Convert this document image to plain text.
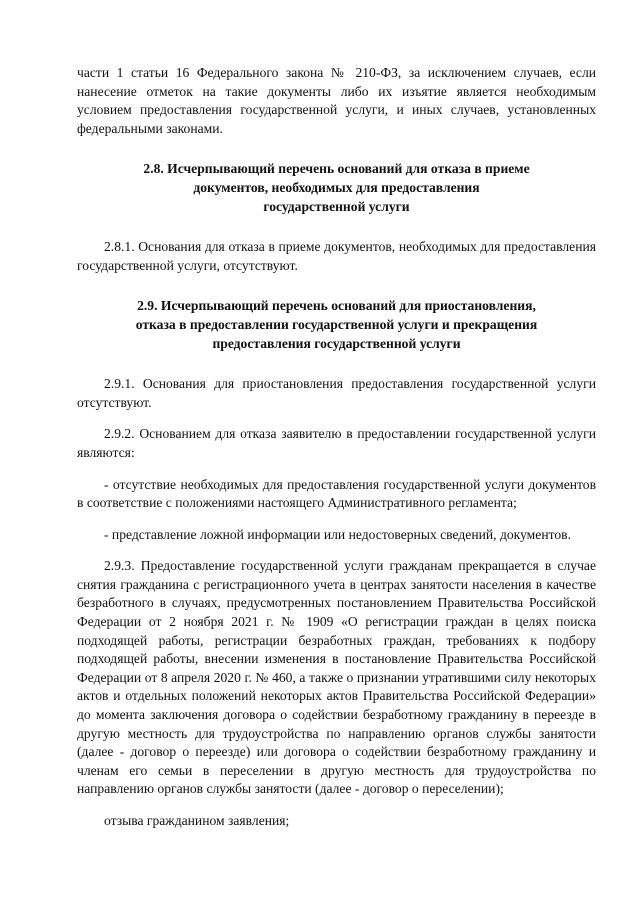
части 1 статьи 16 Федерального закона № 210-ФЗ, за исключением случаев, если нанесение отметок на такие документы либо их изъятие является необходимым условием предоставления государственной услуги, и иных случаев, установленных федеральными законами.

2.8. Исчерпывающий перечень оснований для отказа в приеме
документов, необходимых для предоставления
государственной услуги

2.8.1. Основания для отказа в приеме документов, необходимых для предоставления государственной услуги, отсутствуют.

2.9. Исчерпывающий перечень оснований для приостановления,
отказа в предоставлении государственной услуги и прекращения
предоставления государственной услуги

2.9.1. Основания для приостановления предоставления государственной услуги отсутствуют.

2.9.2. Основанием для отказа заявителю в предоставлении государственной услуги являются:

- отсутствие необходимых для предоставления государственной услуги документов в соответствие с положениями настоящего Административного регламента;

- представление ложной информации или недостоверных сведений, документов.

2.9.3. Предоставление государственной услуги гражданам прекращается в случае снятия гражданина с регистрационного учета в центрах занятости населения в качестве безработного в случаях, предусмотренных постановлением Правительства Российской Федерации от 2 ноября 2021 г. № 1909 «О регистрации граждан в целях поиска подходящей работы, регистрации безработных граждан, требованиях к подбору подходящей работы, внесении изменения в постановление Правительства Российской Федерации от 8 апреля 2020 г. № 460, а также о признании утратившими силу некоторых актов и отдельных положений некоторых актов Правительства Российской Федерации» до момента заключения договора о содействии безработному гражданину в переезде в другую местность для трудоустройства по направлению органов службы занятости (далее - договор о переезде) или договора о содействии безработному гражданину и членам его семьи в переселении в другую местность для трудоустройства по направлению органов службы занятости (далее - договор о переселении);

отзыва гражданином заявления;
